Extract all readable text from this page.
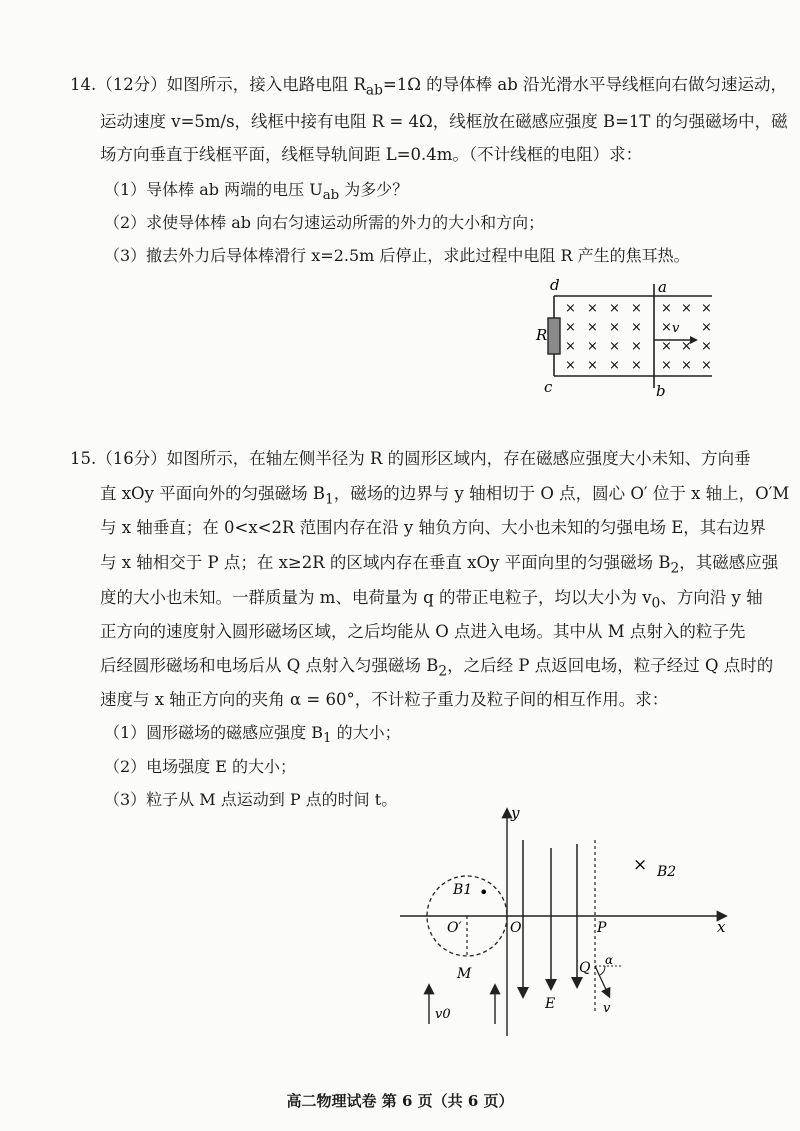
14.（12分）如图所示，接入电路电阻 $R_{ab}=1\Omega$ 的导体棒 ab 沿光滑水平导线框向右做匀速运动，
运动速度 v=5m/s，线框中接有电阻 R = 4Ω，线框放在磁感应强度 B=1T 的匀强磁场中，磁
场方向垂直于线框平面，线框导轨间距 L=0.4m。（不计线框的电阻）求：
（1）导体棒 ab 两端的电压 $U_{ab}$ 为多少？
（2）求使导体棒 ab 向右匀速运动所需的外力的大小和方向；
（3）撤去外力后导体棒滑行 x=2.5m 后停止，求此过程中电阻 R 产生的焦耳热。
d	a
R
c	b
v
× × × × × × ×
× × × × × ×
× × × × × × ×
× × × × × × ×
15.（16分）如图所示，在轴左侧半径为 R 的圆形区域内，存在磁感应强度大小未知、方向垂
直 xOy 平面向外的匀强磁场 $B_1$，磁场的边界与 y 轴相切于 O 点，圆心 O′ 位于 x 轴上，O′M
与 x 轴垂直；在 0<x<2R 范围内存在沿 y 轴负方向、大小也未知的匀强电场 E，其右边界
与 x 轴相交于 P 点；在 x≥2R 的区域内存在垂直 xOy 平面向里的匀强磁场 $B_2$，其磁感应强
度的大小也未知。一群质量为 m、电荷量为 q 的带正电粒子，均以大小为 $v_0$、方向沿 y 轴
正方向的速度射入圆形磁场区域，之后均能从 O 点进入电场。其中从 M 点射入的粒子先
后经圆形磁场和电场后从 Q 点射入匀强磁场 $B_2$，之后经 P 点返回电场，粒子经过 Q 点时的
速度与 x 轴正方向的夹角 α = 60°，不计粒子重力及粒子间的相互作用。求：
（1）圆形磁场的磁感应强度 $B_1$ 的大小；
（2）电场强度 E 的大小；
（3）粒子从 M 点运动到 P 点的时间 t。
y
x
O
O′
M
P
Q
E	v
α
v0
B1 •
× B2
高二物理试卷 第 6 页（共 6 页）
